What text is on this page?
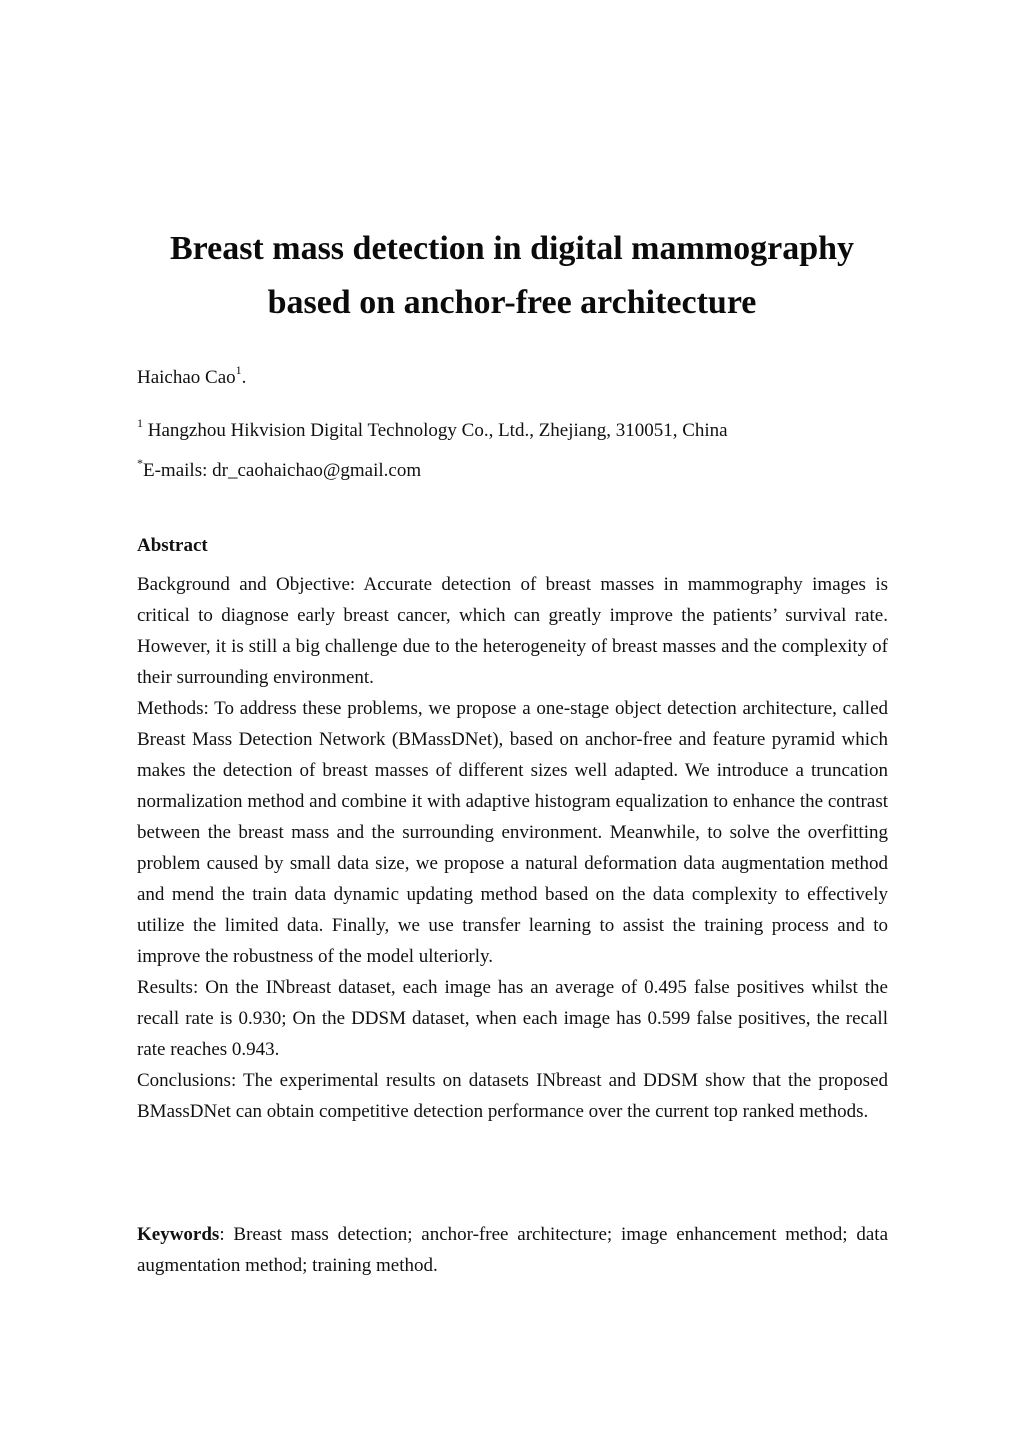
Breast mass detection in digital mammography
based on anchor-free architecture

Haichao Cao$^1$.

$^1$ Hangzhou Hikvision Digital Technology Co., Ltd., Zhejiang, 310051, China

*E-mails: dr_caohaichao@gmail.com

Abstract

Background and Objective: Accurate detection of breast masses in mammography images is critical to diagnose early breast cancer, which can greatly improve the patients’ survival rate. However, it is still a big challenge due to the heterogeneity of breast masses and the complexity of their surrounding environment.

Methods: To address these problems, we propose a one-stage object detection architecture, called Breast Mass Detection Network (BMassDNet), based on anchor-free and feature pyramid which makes the detection of breast masses of different sizes well adapted. We introduce a truncation normalization method and combine it with adaptive histogram equalization to enhance the contrast between the breast mass and the surrounding environment. Meanwhile, to solve the overfitting problem caused by small data size, we propose a natural deformation data augmentation method and mend the train data dynamic updating method based on the data complexity to effectively utilize the limited data. Finally, we use transfer learning to assist the training process and to improve the robustness of the model ulteriorly.

Results: On the INbreast dataset, each image has an average of 0.495 false positives whilst the recall rate is 0.930; On the DDSM dataset, when each image has 0.599 false positives, the recall rate reaches 0.943.

Conclusions: The experimental results on datasets INbreast and DDSM show that the proposed BMassDNet can obtain competitive detection performance over the current top ranked methods.

Keywords: Breast mass detection; anchor-free architecture; image enhancement method; data augmentation method; training method.
